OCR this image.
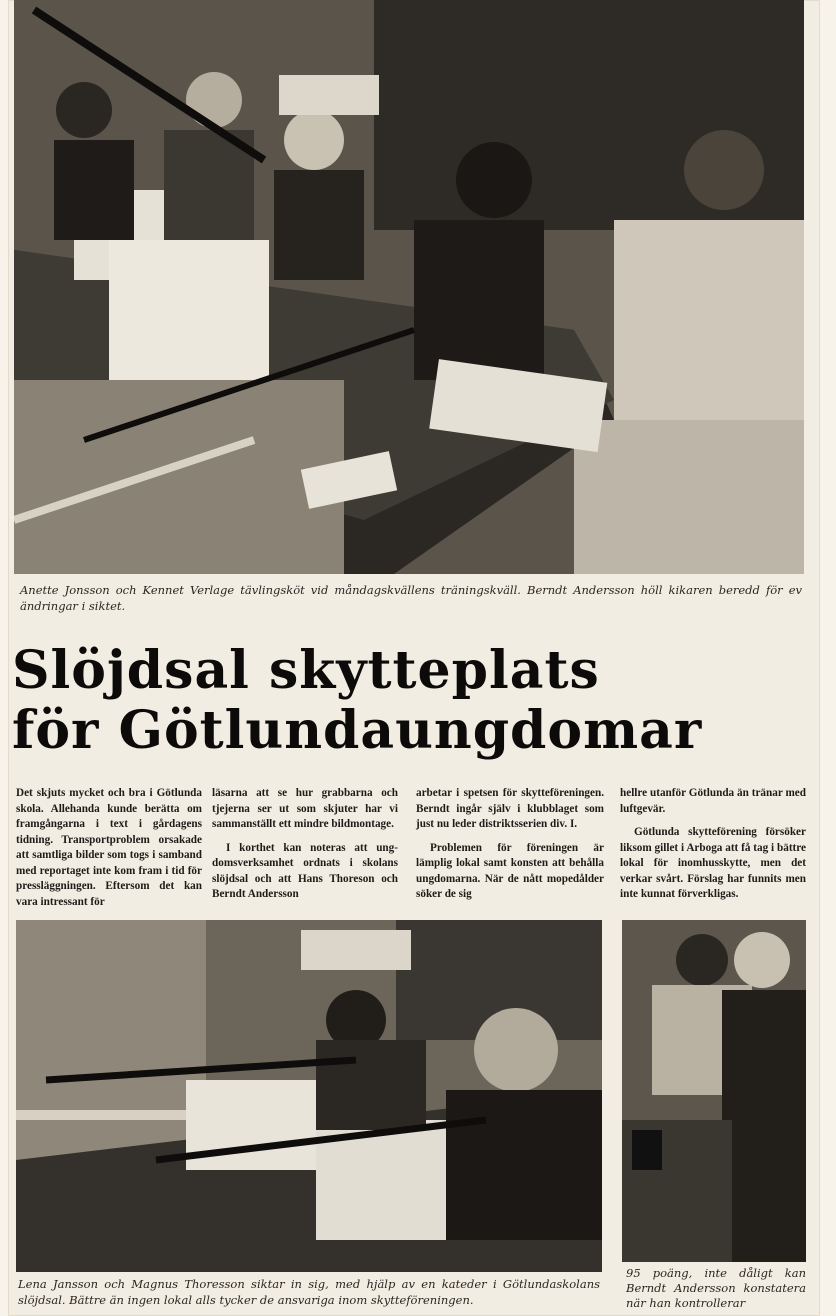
Anette Jonsson och Kennet Verlage tävlingsköt vid måndagskvällens träningskväll. Berndt Andersson höll kikaren beredd för ev ändringar i siktet.
Slöjdsal skytteplats
för Götlundaungdomar

Det skjuts mycket och bra i Götlunda skola. Allehanda kunde berätta om framgångarna i text i gårdagens tidning. Transportproblem orsakade att samtliga bilder som togs i samband med reportaget inte kom fram i tid för pressläggningen. Eftersom det kan vara intressant för

läsarna att se hur grabbarna och tjejerna ser ut som skjuter har vi sammanställt ett mindre bildmontage.

I korthet kan noteras att ungdomsverksamhet ordnats i skolans slöjdsal och att Hans Thoreson och Berndt Andersson

arbetar i spetsen för skytteföreningen. Berndt ingår själv i klubblaget som just nu leder distriktsserien div. I.

Problemen för föreningen är lämplig lokal samt konsten att behålla ungdomarna. När de nått mopedålder söker de sig

hellre utanför Götlunda än tränar med luftgevär.

Götlunda skytteförening försöker liksom gillet i Arboga att få tag i bättre lokal för inomhusskytte, men det verkar svårt. Förslag har funnits men inte kunnat förverkligas.

Lena Jansson och Magnus Thoresson siktar in sig, med hjälp av en kateder i Götlundaskolans slöjdsal. Bättre än ingen lokal alls tycker de ansvariga inom skytteföreningen.
95 poäng, inte dåligt kan Berndt Andersson konstatera när han kontrollerar
